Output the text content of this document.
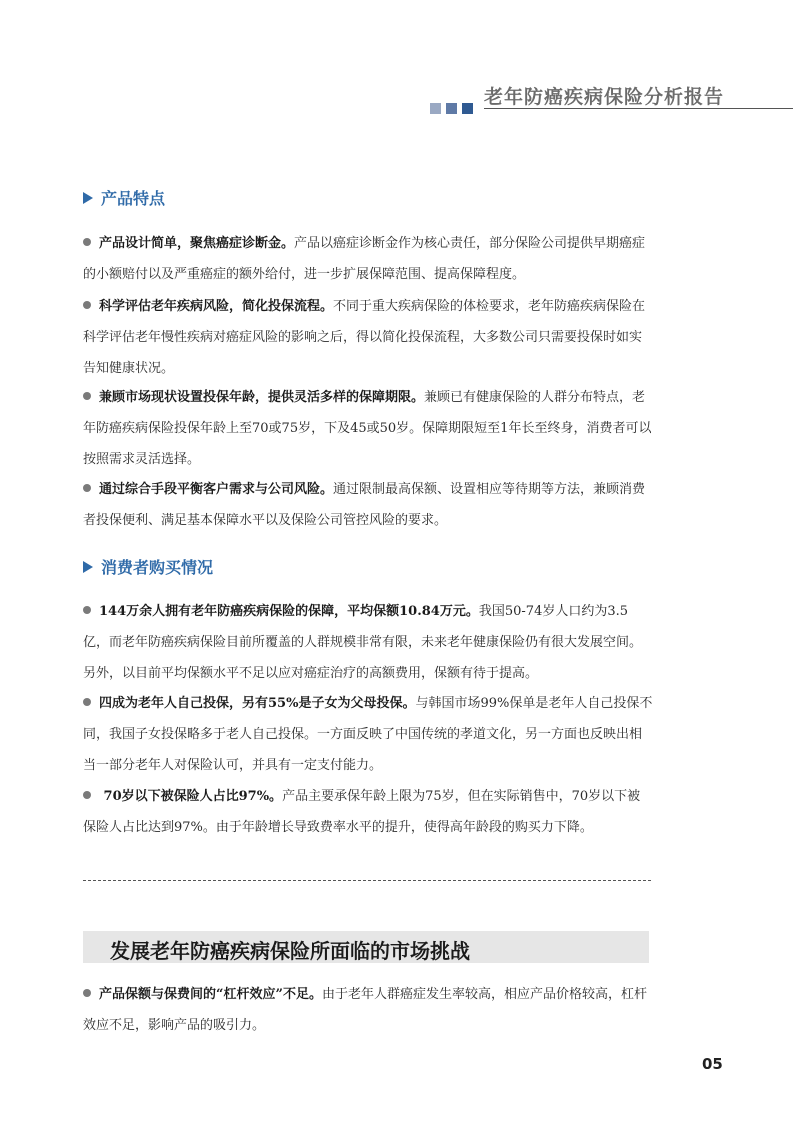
老年防癌疾病保险分析报告
产品特点
产品设计简单，聚焦癌症诊断金。产品以癌症诊断金作为核心责任，部分保险公司提供早期癌症的小额赔付以及严重癌症的额外给付，进一步扩展保障范围、提高保障程度。
科学评估老年疾病风险，简化投保流程。不同于重大疾病保险的体检要求，老年防癌疾病保险在科学评估老年慢性疾病对癌症风险的影响之后，得以简化投保流程，大多数公司只需要投保时如实告知健康状况。
兼顾市场现状设置投保年龄，提供灵活多样的保障期限。兼顾已有健康保险的人群分布特点，老年防癌疾病保险投保年龄上至70或75岁，下及45或50岁。保障期限短至1年长至终身，消费者可以按照需求灵活选择。
通过综合手段平衡客户需求与公司风险。通过限制最高保额、设置相应等待期等方法，兼顾消费者投保便利、满足基本保障水平以及保险公司管控风险的要求。
消费者购买情况
144万余人拥有老年防癌疾病保险的保障，平均保额10.84万元。我国50-74岁人口约为3.5亿，而老年防癌疾病保险目前所覆盖的人群规模非常有限，未来老年健康保险仍有很大发展空间。另外，以目前平均保额水平不足以应对癌症治疗的高额费用，保额有待于提高。
四成为老年人自己投保，另有55%是子女为父母投保。与韩国市场99%保单是老年人自己投保不同，我国子女投保略多于老人自己投保。一方面反映了中国传统的孝道文化，另一方面也反映出相当一部分老年人对保险认可，并具有一定支付能力。
70岁以下被保险人占比97%。产品主要承保年龄上限为75岁，但在实际销售中，70岁以下被保险人占比达到97%。由于年龄增长导致费率水平的提升，使得高年龄段的购买力下降。
发展老年防癌疾病保险所面临的市场挑战
产品保额与保费间的“杠杆效应”不足。由于老年人群癌症发生率较高，相应产品价格较高，杠杆效应不足，影响产品的吸引力。
05
